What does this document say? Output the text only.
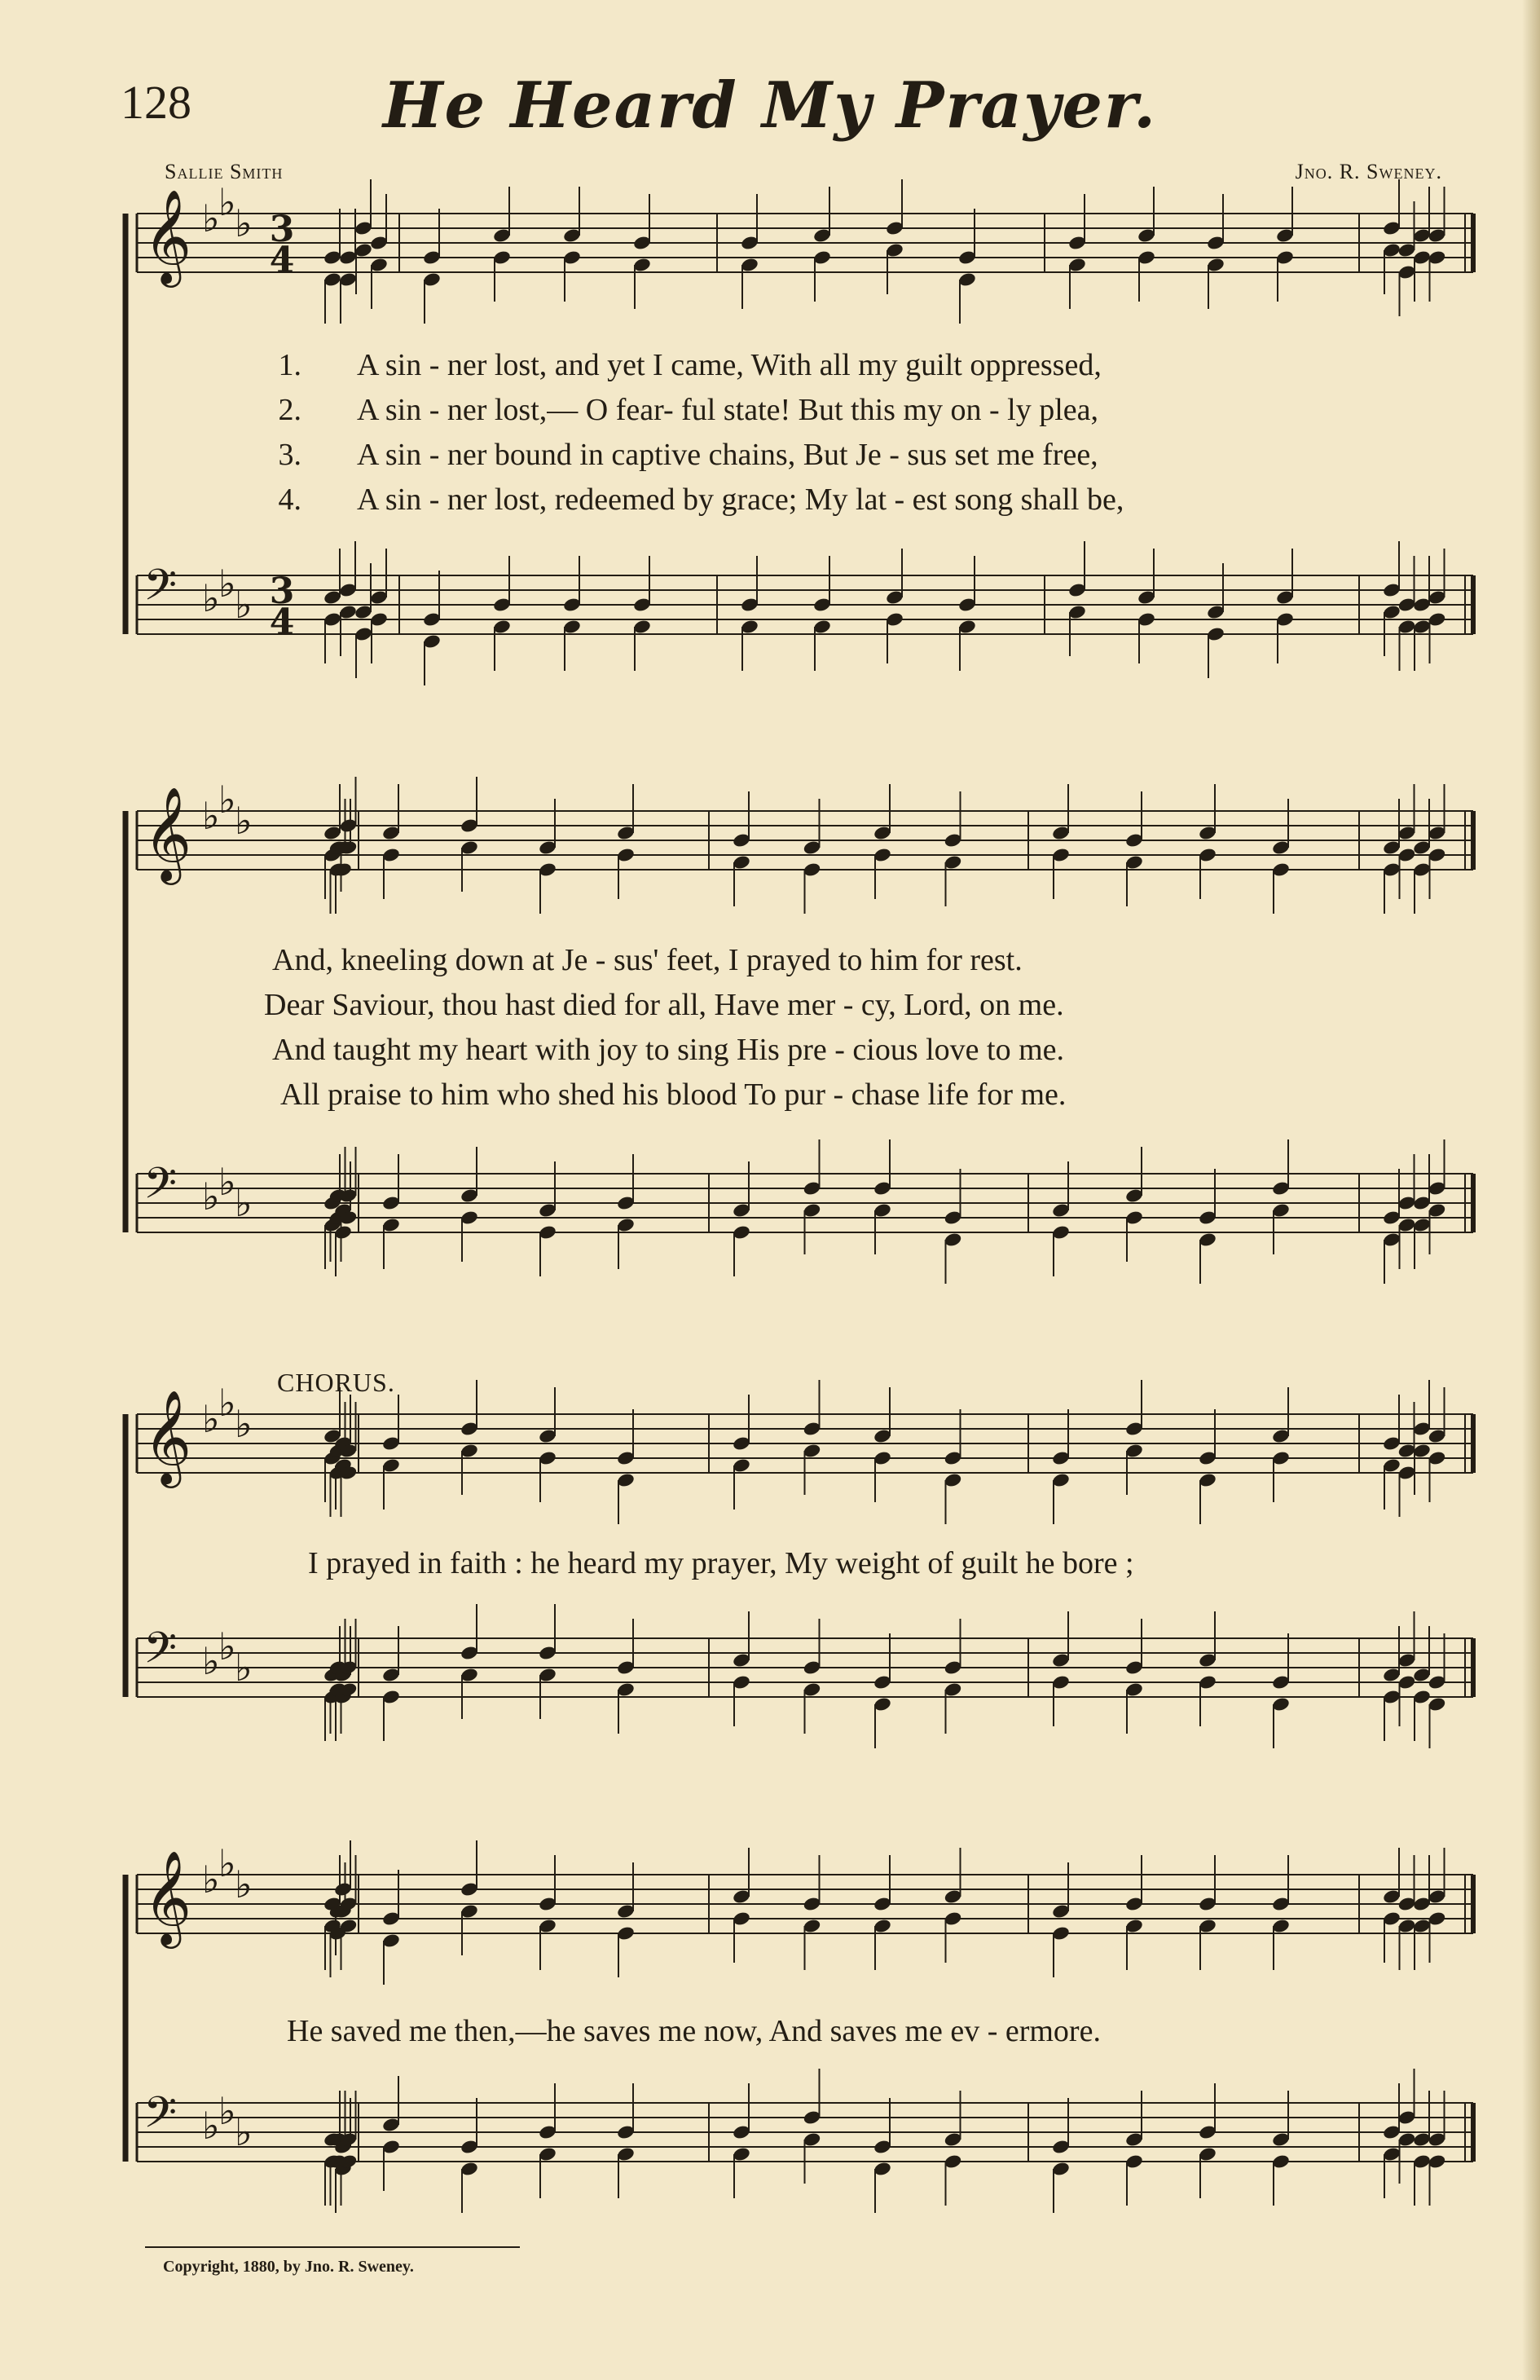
128	He Heard My Prayer.
Sallie Smith	Jno. R. Sweney.
𝄞 ♭
♭
♭
𝄢 ♭
♭
♭
3
4
3
4
𝄞 ♭
♭
♭
𝄢 ♭
♭
♭
𝄞 ♭
♭
♭
𝄢 ♭
♭
♭
𝄞 ♭
♭
♭
𝄢 ♭
♭
♭
1. A sin - ner lost, and yet I came, With all my guilt oppressed,
2. A sin - ner lost,— O fear- ful state! But this my on - ly plea,
3. A sin - ner bound in captive chains, But Je - sus set me free,
4. A sin - ner lost, redeemed by grace; My lat - est song shall be,
And, kneeling down at Je - sus' feet, I prayed to him for rest.
Dear Saviour, thou hast died for all, Have mer - cy, Lord, on me.
And taught my heart with joy to sing His pre - cious love to me.
All praise to him who shed his blood To pur - chase life for me.
CHORUS.
I prayed in faith : he heard my prayer, My weight of guilt he bore ;
He saved me then,—he saves me now, And saves me ev - ermore.
Copyright, 1880, by Jno. R. Sweney.
